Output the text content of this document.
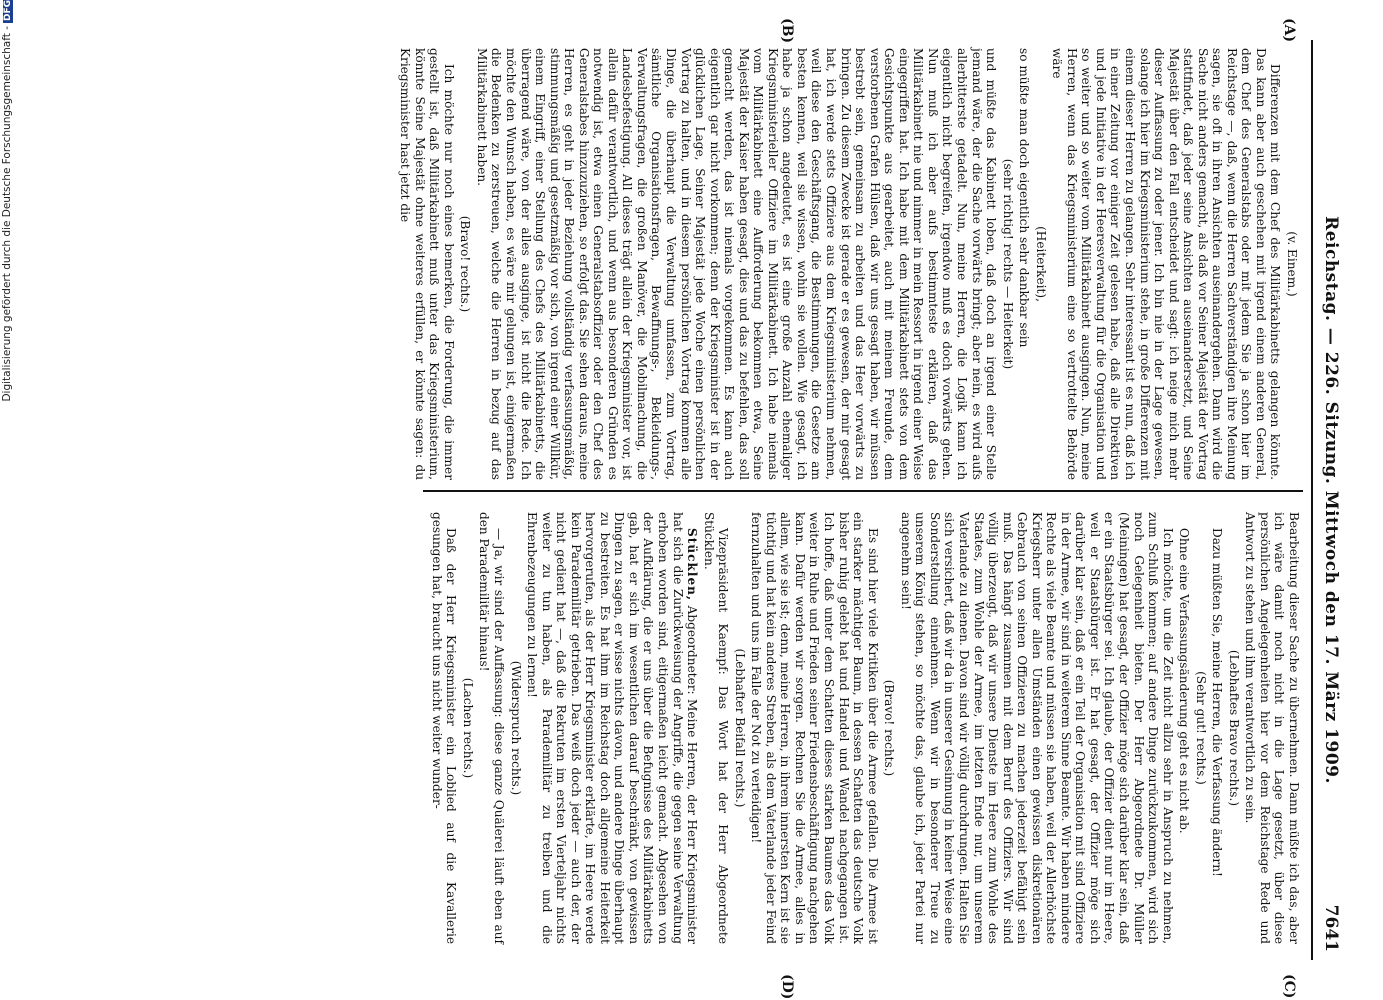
Reichstag. — 226. Sitzung. Mittwoch den 17. März 1909.
7641
(A)
(B)
(C)
(D)

(v. Einem.)

Differenzen mit dem Chef des Militärkabinetts gelangen könnte. Das kann aber auch geschehen mit irgend einem anderen General, dem Chef des Generalstabs oder mit jedem Sie ja schon hier im Reichstage —, daß, wenn die Herren Sachverständigen ihre Meinung sagen, sie oft in ihren Ansichten auseinandergehen. Dann wird die Sache nicht anders gemacht, als daß vor Seiner Majestät der Vortrag stattfindet, daß jeder seine Ansichten auseinandersetzt, und Seine Majestät über den Fall entscheidet und sagt: ich neige mich mehr dieser Auffassung zu oder jener. Ich bin nie in der Lage gewesen, solange ich hier im Kriegsministerium stehe, in große Differenzen mit einem dieser Herren zu gelangen. Sehr interessant ist es nun, daß ich in einer Zeitung vor einiger Zeit gelesen habe, daß alle Direktiven und jede Initiative in der Heeresverwaltung für die Organisation und so weiter und so weiter vom Militärkabinett ausgingen. Nun, meine Herren, wenn das Kriegsministerium eine so vertrottelte Behörde wäre

(Heiterkeit),

so müßte man doch eigentlich sehr dankbar sein

(sehr richtig! rechts — Heiterkeit)

und müßte das Kabinett loben, daß doch an irgend einer Stelle jemand wäre, der die Sache vorwärts bringt; aber nein, es wird aufs allerbitterste getadelt. Nun, meine Herren, die Logik kann ich eigentlich nicht begreifen, irgendwo muß es doch vorwärts gehen. Nun muß ich aber aufs bestimmteste erklären, daß das Militärkabinett nie und nimmer in mein Ressort in irgend einer Weise eingegriffen hat. Ich habe mit dem Militärkabinett stets von dem Gesichtspunkte aus gearbeitet, auch mit meinem Freunde, dem verstorbenen Grafen Hülsen, daß wir uns gesagt haben, wir müssen bestrebt sein, gemeinsam zu arbeiten und das Heer vorwärts zu bringen. Zu diesem Zwecke ist gerade er es gewesen, der mir gesagt hat, ich werde stets Offiziere aus dem Kriegsministerium nehmen, weil diese den Geschäftsgang, die Bestimmungen, die Gesetze am besten kennen, weil sie wissen, wohin sie wollen. Wie gesagt, ich habe ja schon angedeutet, es ist eine große Anzahl ehemaliger Kriegsministerieller Offiziere im Militärkabinett. Ich habe niemals vom Militärkabinett eine Aufforderung bekommen etwa, Seine Majestät der Kaiser haben gesagt, dies und das zu befehlen, das soll gemacht werden, das ist niemals vorgekommen. Es kann auch eigentlich gar nicht vorkommen; denn der Kriegsminister ist in der glücklichen Lage, Seiner Majestät jede Woche einen persönlichen Vortrag zu halten, und in diesem persönlichen Vortrag kommen alle Dinge, die überhaupt die Verwaltung umfassen, zum Vortrag, sämtliche Organisationsfragen, Bewaffnungs-, Bekleidungs-, Verwaltungsfragen, die großen Manöver, die Mobilmachung, die Landesbefestigung. All dieses trägt allein der Kriegsminister vor, ist allein dafür verantwortlich, und wenn aus besonderen Gründen es notwendig ist, etwa einen Generalstabsoffizier oder den Chef des Generalstabes hinzuzuziehen, so erfolgt das. Sie sehen daraus, meine Herren, es geht in jeder Beziehung vollständig verfassungsmäßig, stimmungsmäßig und gesetzmäßig vor sich, von irgend einer Willkür, einem Eingriff, einer Stellung des Chefs des Militärkabinetts, die überragend wäre, von der alles ausginge, ist nicht die Rede. Ich möchte den Wunsch haben, es wäre mir gelungen ist, einigermaßen die Bedenken zu zerstreuen, welche die Herren in bezug auf das Militärkabinett haben.

(Bravo! rechts.)

Ich möchte nur noch eines bemerken, die Forderung, die immer gestellt ist, daß Militärkabinett muß unter das Kriegsministerium, könnte Seine Majestät ohne weiteres erfüllen, er könnte sagen: du Kriegsminister hast jetzt die

Bearbeitung dieser Sache zu übernehmen. Dann müßte ich das, aber ich wäre damit noch nicht in die Lage gesetzt, über diese persönlichen Angelegenheiten hier vor dem Reichstage Rede und Antwort zu stehen und ihm verantwortlich zu sein.

(Lebhaftes Bravo rechts.)

Dazu müßten Sie, meine Herren, die Verfassung ändern!

(Sehr gut! rechts.)

Ohne eine Verfassungsänderung geht es nicht ab.

Ich möchte, um die Zeit nicht allzu sehr in Anspruch zu nehmen, zum Schluß kommen; auf andere Dinge zurückzukommen, wird sich noch Gelegenheit bieten. Der Herr Abgeordnete Dr. Müller (Meiningen) hat gesagt, der Offizier möge sich darüber klar sein, daß er ein Staatsbürger sei. Ich glaube, der Offizier dient nur im Heere, weil er Staatsbürger ist. Er hat gesagt, der Offizier möge sich darüber klar sein, daß er ein Teil der Organisation mit sind Offiziere in der Armee, wir sind in weiterem Sinne Beamte. Wir haben mindere Rechte als viele Beamte und müssen sie haben, weil der Allerhöchste Kriegsherr unter allen Umständen einen gewissen diskretionären Gebrauch von seinen Offizieren zu machen jederzeit befähigt sein muß. Das hängt zusammen mit dem Beruf des Offiziers. Wir sind völlig überzeugt, daß wir unsere Dienste im Heere zum Wohle des Staates, zum Wohle der Armee, im letzten Ende nur, um unserem Vaterlande zu dienen. Davon sind wir völlig durchdrungen. Halten Sie sich versichert, daß wir da in unserer Gesinnung in keiner Weise eine Sonderstellung einnehmen. Wenn wir in besonderer Treue zu unserem König stehen, so möchte das, glaube ich, jeder Partei nur angenehm sein!

(Bravo! rechts.)

Es sind hier viele Kritiken über die Armee gefallen. Die Armee ist ein starker mächtiger Baum, in dessen Schatten das deutsche Volk bisher ruhig gelebt hat und Handel und Wandel nachgegangen ist. Ich hoffe, daß unter dem Schatten dieses starken Baumes das Volk weiter in Ruhe und Frieden seiner Friedensbeschäftigung nachgehen kann. Dafür werden wir sorgen. Rechnen Sie die Armee, alles in allem, wie sie ist; denn, meine Herren, in ihrem innersten Kern ist sie tüchtig und hat kein anderes Streben, als dem Vaterlande jeder Feind fernzuhalten und uns im Falle der Not zu verteidigen!

(Lebhafter Beifall rechts.)

Vizepräsident Kaempf: Das Wort hat der Herr Abgeordnete Stücklen.

Stücklen, Abgeordneter: Meine Herren, der Herr Kriegsminister hat sich die Zurückweisung der Angriffe, die gegen seine Verwaltung erhoben worden sind, eitigermaßen leicht gemacht. Abgesehen von der Aufklärung, die er uns über die Befugnisse des Militärkabinetts gab, hat er sich im wesentlichen darauf beschränkt, von gewissen Dingen zu sagen, er wisse nichts davon, und andere Dinge überhaupt zu bestreiten. Es hat ihm im Reichstag doch allgemeine Heiterkeit hervorgerufen, als der Herr Kriegsminister erklärte, im Heere werde kein Parademilitär getrieben. Das weiß doch jeder — auch der, der nicht gedient hat —, daß die Rekruten im ersten Vierteljahr nichts weiter zu tun haben, als Parademilitär zu treiben und die Ehrenbezeugungen zu lernen!

(Widerspruch rechts.)

— Ja, wir sind der Auffassung: diese ganze Quälerei läuft eben auf den Parademilitär hinaus!

(Lachen rechts.)

Daß der Herr Kriegsminister ein Loblied auf die Kavallerie gesungen hat, braucht uns nicht weiter wunder-

Digitalisierung gefördert durch die Deutsche Forschungsgemeinschaft -DFG
